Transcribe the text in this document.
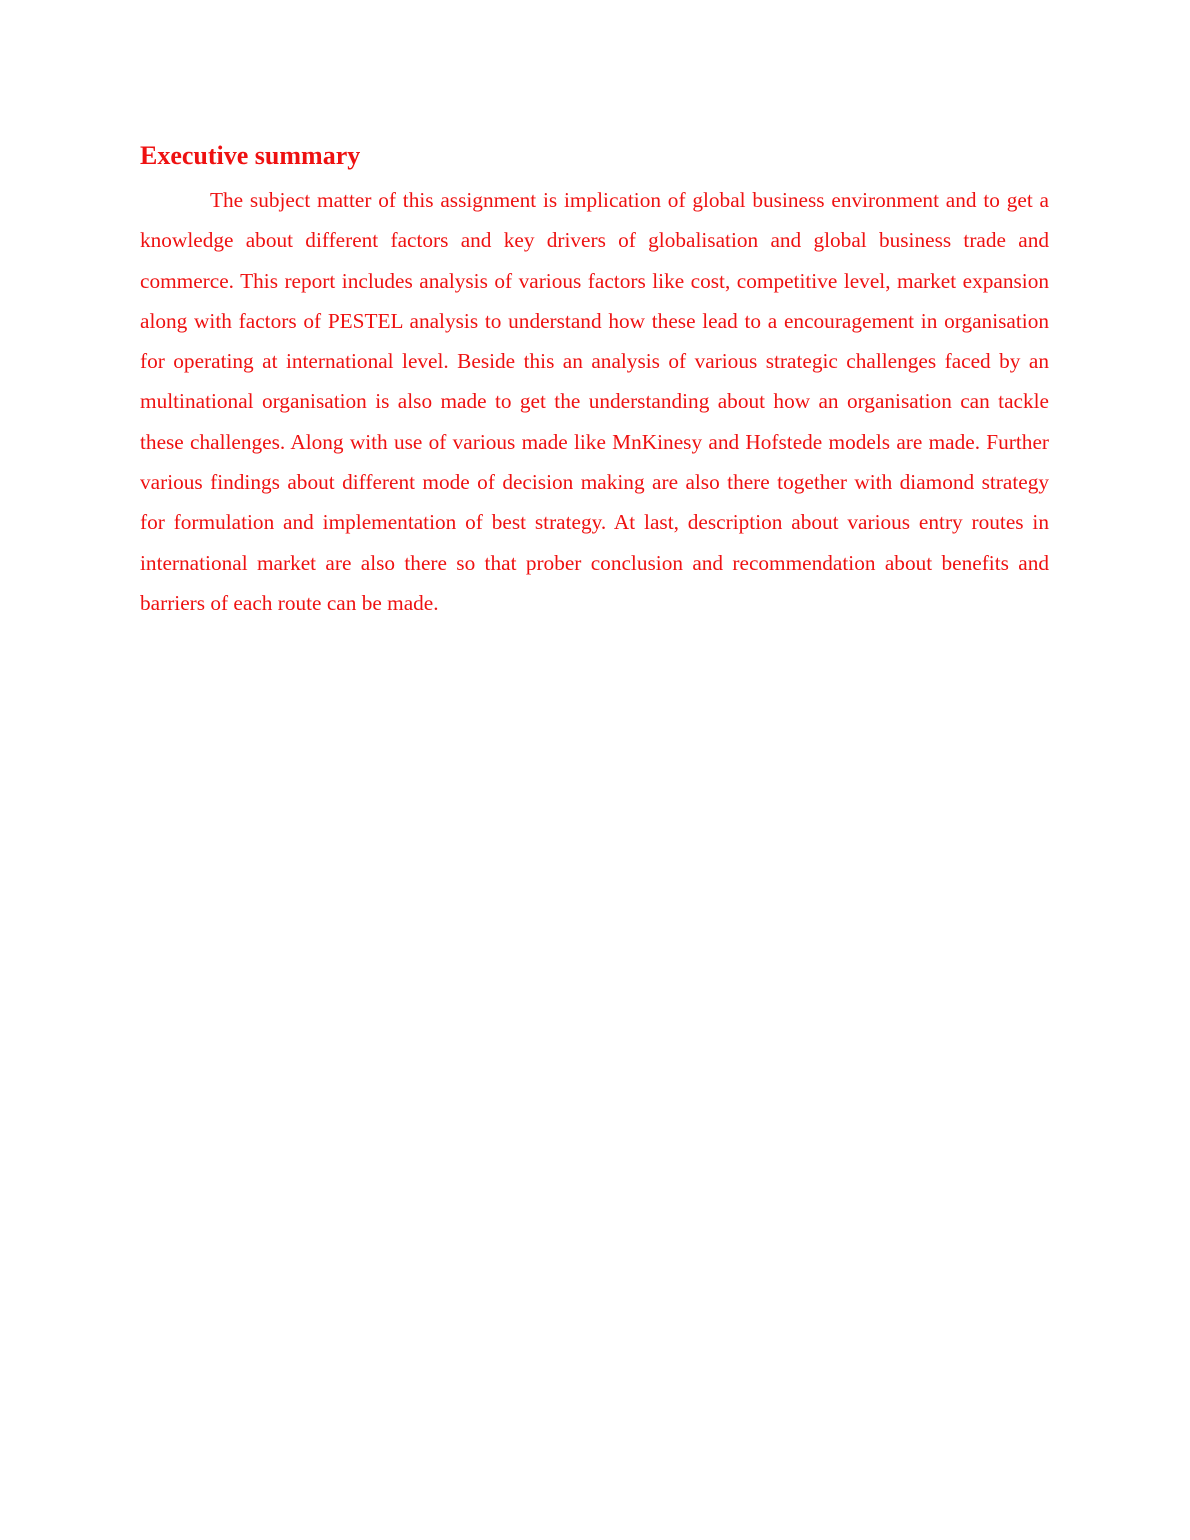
Executive summary

The subject matter of this assignment is implication of global business environment and to get a knowledge about different factors and key drivers of globalisation and global business trade and commerce. This report includes analysis of various factors like cost, competitive level, market expansion along with factors of PESTEL analysis to understand how these lead to a encouragement in organisation for operating at international level. Beside this an analysis of various strategic challenges faced by an multinational organisation is also made to get the understanding about how an organisation can tackle these challenges. Along with use of various made like MnKinesy and Hofstede models are made. Further various findings about different mode of decision making are also there together with diamond strategy for formulation and implementation of best strategy. At last, description about various entry routes in international market are also there so that prober conclusion and recommendation about benefits and barriers of each route can be made.
